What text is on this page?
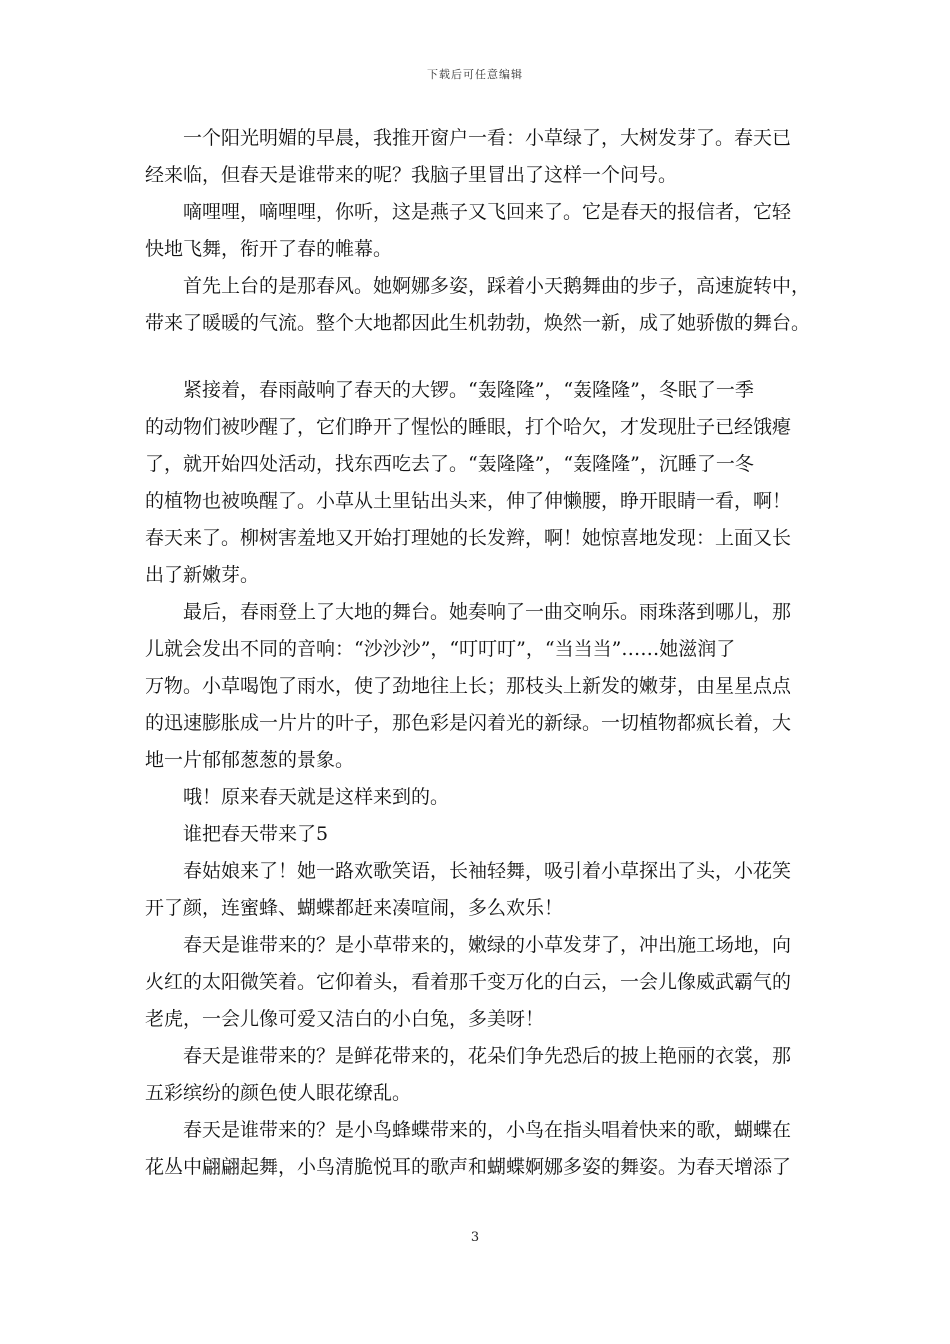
下载后可任意编辑
一个阳光明媚的早晨，我推开窗户一看：小草绿了，大树发芽了。春天已
经来临，但春天是谁带来的呢？我脑子里冒出了这样一个问号。
嘀哩哩，嘀哩哩，你听，这是燕子又飞回来了。它是春天的报信者，它轻
快地飞舞，衔开了春的帷幕。
首先上台的是那春风。她婀娜多姿，踩着小天鹅舞曲的步子，高速旋转中，
带来了暖暖的气流。整个大地都因此生机勃勃，焕然一新，成了她骄傲的舞台。
紧接着，春雨敲响了春天的大锣。“轰隆隆”，“轰隆隆”，冬眠了一季
的动物们被吵醒了，它们睁开了惺忪的睡眼，打个哈欠，才发现肚子已经饿瘪
了，就开始四处活动，找东西吃去了。“轰隆隆”，“轰隆隆”，沉睡了一冬
的植物也被唤醒了。小草从土里钻出头来，伸了伸懒腰，睁开眼睛一看，啊！
春天来了。柳树害羞地又开始打理她的长发辫，啊！她惊喜地发现：上面又长
出了新嫩芽。
最后，春雨登上了大地的舞台。她奏响了一曲交响乐。雨珠落到哪儿，那
儿就会发出不同的音响：“沙沙沙”，“叮叮叮”，“当当当”……她滋润了
万物。小草喝饱了雨水，使了劲地往上长；那枝头上新发的嫩芽，由星星点点
的迅速膨胀成一片片的叶子，那色彩是闪着光的新绿。一切植物都疯长着，大
地一片郁郁葱葱的景象。
哦！原来春天就是这样来到的。
谁把春天带来了5
春姑娘来了！她一路欢歌笑语，长袖轻舞，吸引着小草探出了头，小花笑
开了颜，连蜜蜂、蝴蝶都赶来凑喧闹，多么欢乐！
春天是谁带来的？是小草带来的，嫩绿的小草发芽了，冲出施工场地，向
火红的太阳微笑着。它仰着头，看着那千变万化的白云，一会儿像威武霸气的
老虎，一会儿像可爱又洁白的小白兔，多美呀！
春天是谁带来的？是鲜花带来的，花朵们争先恐后的披上艳丽的衣裳，那
五彩缤纷的颜色使人眼花缭乱。
春天是谁带来的？是小鸟蜂蝶带来的，小鸟在指头唱着快来的歌，蝴蝶在
花丛中翩翩起舞，小鸟清脆悦耳的歌声和蝴蝶婀娜多姿的舞姿。为春天增添了
3
